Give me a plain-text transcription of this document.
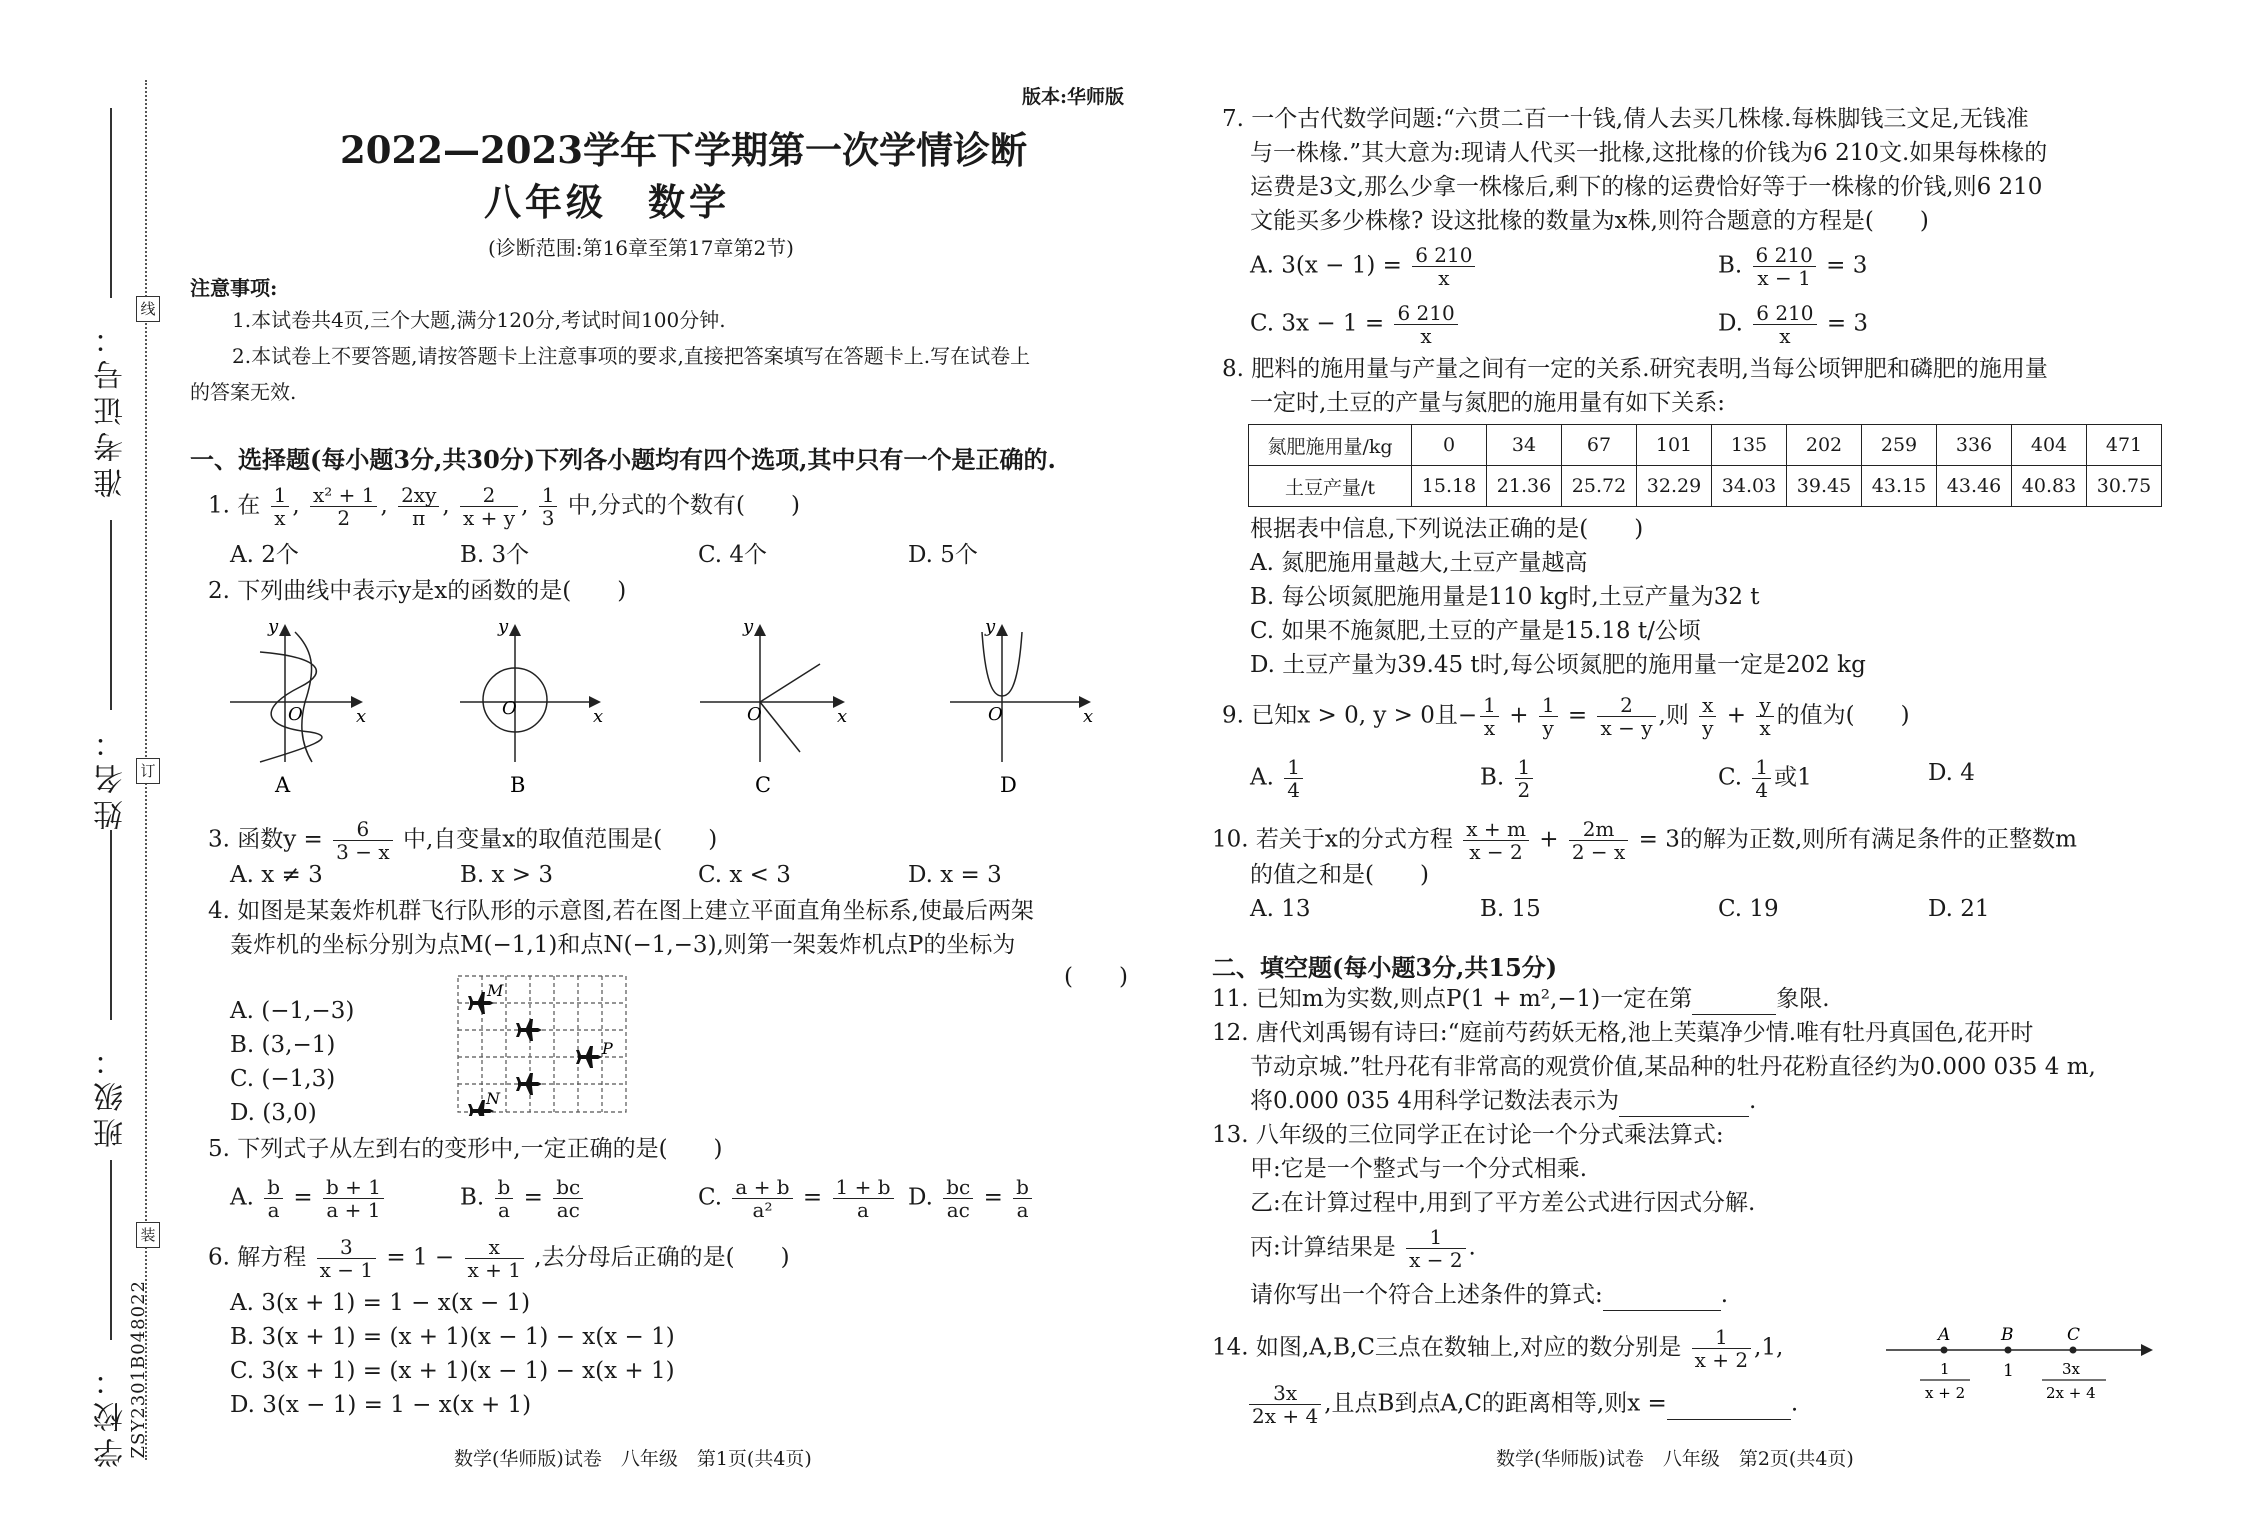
准考证号：
姓名：
班级：
学校：
线
订
装
ZSY2301B048022
版本:华师版
2022—2023学年下学期第一次学情诊断
八年级　数学
(诊断范围:第16章至第17章第2节)
注意事项:
1.本试卷共4页,三个大题,满分120分,考试时间100分钟.
2.本试卷上不要答题,请按答题卡上注意事项的要求,直接把答案填写在答题卡上.写在试卷上
的答案无效.
一、选择题(每小题3分,共30分)下列各小题均有四个选项,其中只有一个是正确的.
1. 在 $\frac{1}{x}$ , $\frac{\text{x² + 1}}{2}$ , $\frac{2xy}{\pi}$ , $\frac{2}{x + y}$ , $\frac{1}{3}$ 中,分式的个数有(　　)
A. 2个	B. 3个	C. 4个	D. 5个
2. 下列曲线中表示y是x的函数的是(　　)
y
x
O
A
y
x
O
B
y
x
O
C
y
x
O
D
3. 函数$y = \frac{6}{3 - x}$ 中,自变量x的取值范围是(　　)
A. x ≠ 3	B. x > 3	C. x < 3	D. x = 3
4. 如图是某轰炸机群飞行队形的示意图,若在图上建立平面直角坐标系,使最后两架
轰炸机的坐标分别为点M(−1,1)和点N(−1,−3),则第一架轰炸机点P的坐标为
(　　)
A. (−1,−3)
B. (3,−1)
C. (−1,3)
D. (3,0)
M
P
N
5. 下列式子从左到右的变形中,一定正确的是(　　)
A. $\frac{b}{a} = \frac{b + 1}{a + 1}$	B. $\frac{b}{a} = \frac{bc}{ac}$	C. $\frac{a + b}{\text{a²}} = \frac{1 + b}{a} D$. $\frac{bc}{ac} = \frac{b}{a}$
6. 解方程 $\frac{3}{x - 1} = 1 - \frac{x}{x + 1}$ ,去分母后正确的是(　　)
A. 3(x + 1) = 1 − x(x − 1)
B. 3(x + 1) = (x + 1)(x − 1) − x(x − 1)
C. 3(x + 1) = (x + 1)(x − 1) − x(x + 1)
D. 3(x − 1) = 1 − x(x + 1)
数学(华师版)试卷　八年级　第1页(共4页)
7. 一个古代数学问题:“六贯二百一十钱,倩人去买几株椽.每株脚钱三文足,无钱准
与一株椽.”其大意为:现请人代买一批椽,这批椽的价钱为6 210文.如果每株椽的
运费是3文,那么少拿一株椽后,剩下的椽的运费恰好等于一株椽的价钱,则6 210
文能买多少株椽? 设这批椽的数量为x株,则符合题意的方程是(　　)
A. $3(x - 1) = \frac{6 210}{x}$	B. $\frac{6 210}{x - 1} = 3$
C. $3x - 1 = \frac{6 210}{x}$	D. $\frac{6 210}{x} = 3$
8. 肥料的施用量与产量之间有一定的关系.研究表明,当每公顷钾肥和磷肥的施用量
一定时,土豆的产量与氮肥的施用量有如下关系:
氮肥施用量/kg	0	34	67	101	135	202	259	336	404	471
土豆产量/t	15.18	21.36	25.72	32.29	34.03	39.45	43.15	43.46	40.83	30.75
根据表中信息,下列说法正确的是(　　)
A. 氮肥施用量越大,土豆产量越高
B. 每公顷氮肥施用量是110 kg时,土豆产量为32 t
C. 如果不施氮肥,土豆的产量是15.18 t/公顷
D. 土豆产量为39.45 t时,每公顷氮肥的施用量一定是202 kg
9. 已知x > 0, y > 0且− $\frac{1}{x} + \frac{1}{y} = \frac{2}{x - y}$ ,则 $\frac{x}{y} + \frac{y}{x}$ 的值为(　　)
A. $\frac{1}{4}$	B. $\frac{1}{2}$	C. $\frac{1}{4}$ 或1	D. 4
10. 若关于x的分式方程 $\frac{x + m}{x - 2} + \frac{2m}{2 - x} = 3$的解为正数,则所有满足条件的正整数m
的值之和是(　　)
A. 13	B. 15	C. 19	D. 21
二、填空题(每小题3分,共15分)
11. 已知m为实数,则点P(1 + m²,−1)一定在第	象限.
12. 唐代刘禹锡有诗曰:“庭前芍药妖无格,池上芙蕖净少情.唯有牡丹真国色,花开时
节动京城.”牡丹花有非常高的观赏价值,某品种的牡丹花粉直径约为0.000 035 4 m,
将0.000 035 4用科学记数法表示为	.
13. 八年级的三位同学正在讨论一个分式乘法算式:
甲:它是一个整式与一个分式相乘.
乙:在计算过程中,用到了平方差公式进行因式分解.
丙:计算结果是 $\frac{1}{x - 2}$ .
请你写出一个符合上述条件的算式:	.
14. 如图,A,B,C三点在数轴上,对应的数分别是 $\frac{1}{x + 2} ,1$,
$\frac{3x}{2x + 4}$ ,且点B到点A,C的距离相等,则x =	.
A	B	C
1
1
x + 2
3x
2x + 4
数学(华师版)试卷　八年级　第2页(共4页)
